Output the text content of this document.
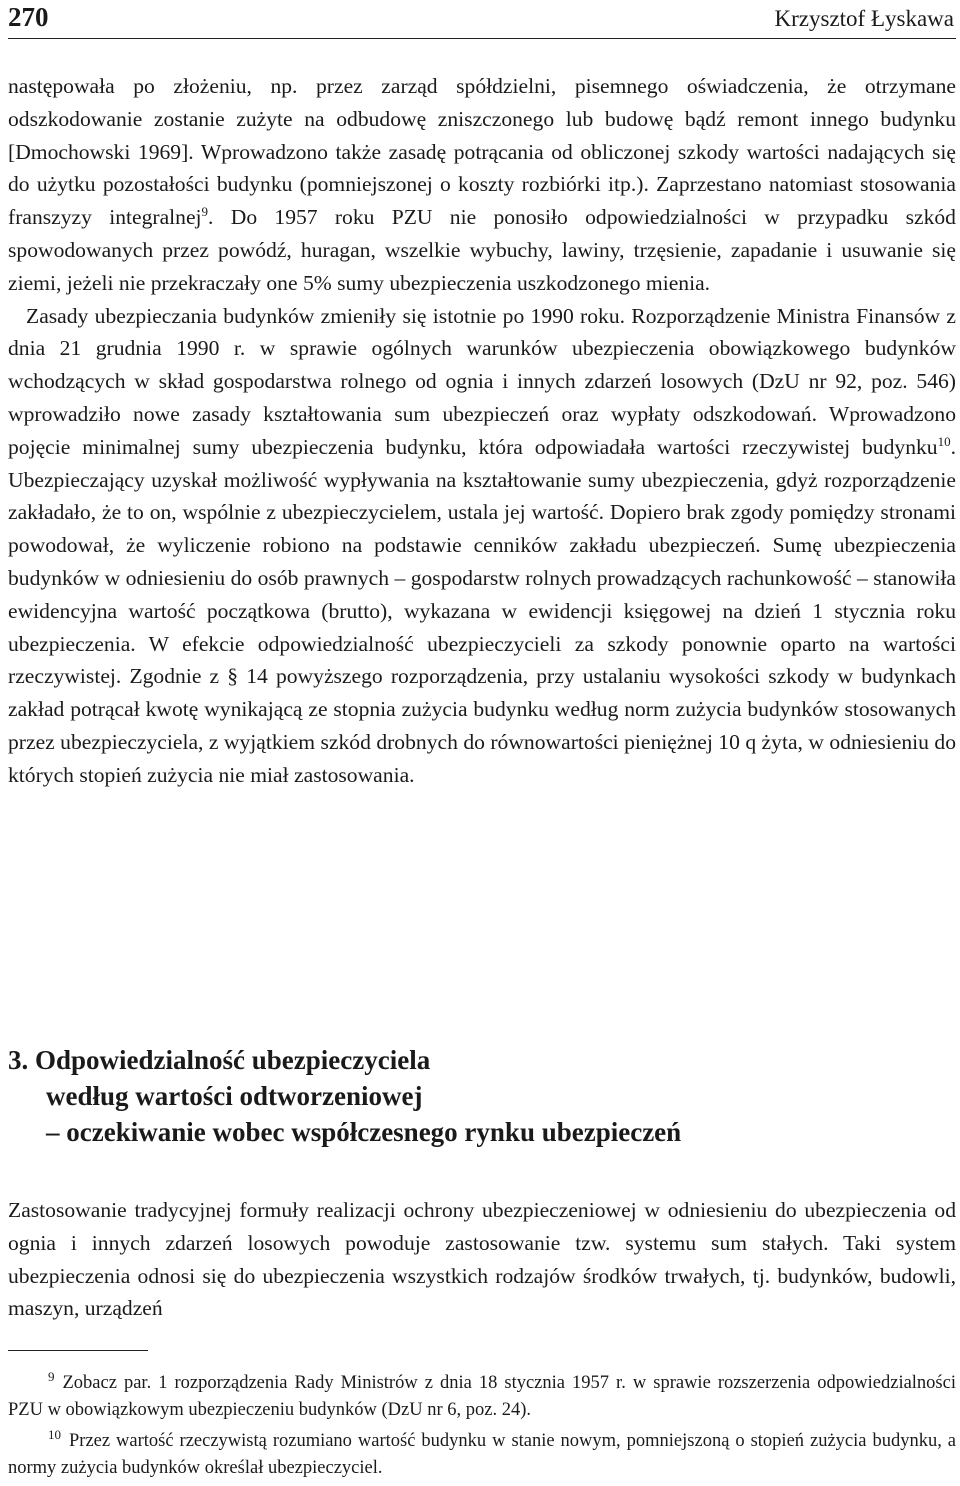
270	Krzysztof Łyskawa

następowała po złożeniu, np. przez zarząd spółdzielni, pisemnego oświadczenia, że otrzymane odszkodowanie zostanie zużyte na odbudowę zniszczonego lub budowę bądź remont innego budynku [Dmochowski 1969]. Wprowadzono także zasadę potrącania od obliczonej szkody wartości nadających się do użytku pozostałości budynku (pomniejszonej o koszty rozbiórki itp.). Zaprzestano natomiast stosowania franszyzy integralnej$^9$. Do 1957 roku PZU nie ponosiło odpowiedzialności w przypadku szkód spowodowanych przez powódź, huragan, wszelkie wybuchy, lawiny, trzęsienie, zapadanie i usuwanie się ziemi, jeżeli nie przekraczały one 5% sumy ubezpieczenia uszkodzonego mienia.

Zasady ubezpieczania budynków zmieniły się istotnie po 1990 roku. Rozporządzenie Ministra Finansów z dnia 21 grudnia 1990 r. w sprawie ogólnych warunków ubezpieczenia obowiązkowego budynków wchodzących w skład gospodarstwa rolnego od ognia i innych zdarzeń losowych (DzU nr 92, poz. 546) wprowadziło nowe zasady kształtowania sum ubezpieczeń oraz wypłaty odszkodowań. Wprowadzono pojęcie minimalnej sumy ubezpieczenia budynku, która odpowiadała wartości rzeczywistej budynku$^{10}$. Ubezpieczający uzyskał możliwość wypływania na kształtowanie sumy ubezpieczenia, gdyż rozporządzenie zakładało, że to on, wspólnie z ubezpieczycielem, ustala jej wartość. Dopiero brak zgody pomiędzy stronami powodował, że wyliczenie robiono na podstawie cenników zakładu ubezpieczeń. Sumę ubezpieczenia budynków w odniesieniu do osób prawnych – gospodarstw rolnych prowadzących rachunkowość – stanowiła ewidencyjna wartość początkowa (brutto), wykazana w ewidencji księgowej na dzień 1 stycznia roku ubezpieczenia. W efekcie odpowiedzialność ubezpieczycieli za szkody ponownie oparto na wartości rzeczywistej. Zgodnie z § 14 powyższego rozporządzenia, przy ustalaniu wysokości szkody w budynkach zakład potrącał kwotę wynikającą ze stopnia zużycia budynku według norm zużycia budynków stosowanych przez ubezpieczyciela, z wyjątkiem szkód drobnych do równowartości pieniężnej 10 q żyta, w odniesieniu do których stopień zużycia nie miał zastosowania.

3. Odpowiedzialność ubezpieczyciela
według wartości odtworzeniowej
– oczekiwanie wobec współczesnego rynku ubezpieczeń

Zastosowanie tradycyjnej formuły realizacji ochrony ubezpieczeniowej w odniesieniu do ubezpieczenia od ognia i innych zdarzeń losowych powoduje zastosowanie tzw. systemu sum stałych. Taki system ubezpieczenia odnosi się do ubezpieczenia wszystkich rodzajów środków trwałych, tj. budynków, budowli, maszyn, urządzeń

$^9$ Zobacz par. 1 rozporządzenia Rady Ministrów z dnia 18 stycznia 1957 r. w sprawie rozszerzenia odpowiedzialności PZU w obowiązkowym ubezpieczeniu budynków (DzU nr 6, poz. 24).

$^{10}$ Przez wartość rzeczywistą rozumiano wartość budynku w stanie nowym, pomniejszoną o stopień zużycia budynku, a normy zużycia budynków określał ubezpieczyciel.
